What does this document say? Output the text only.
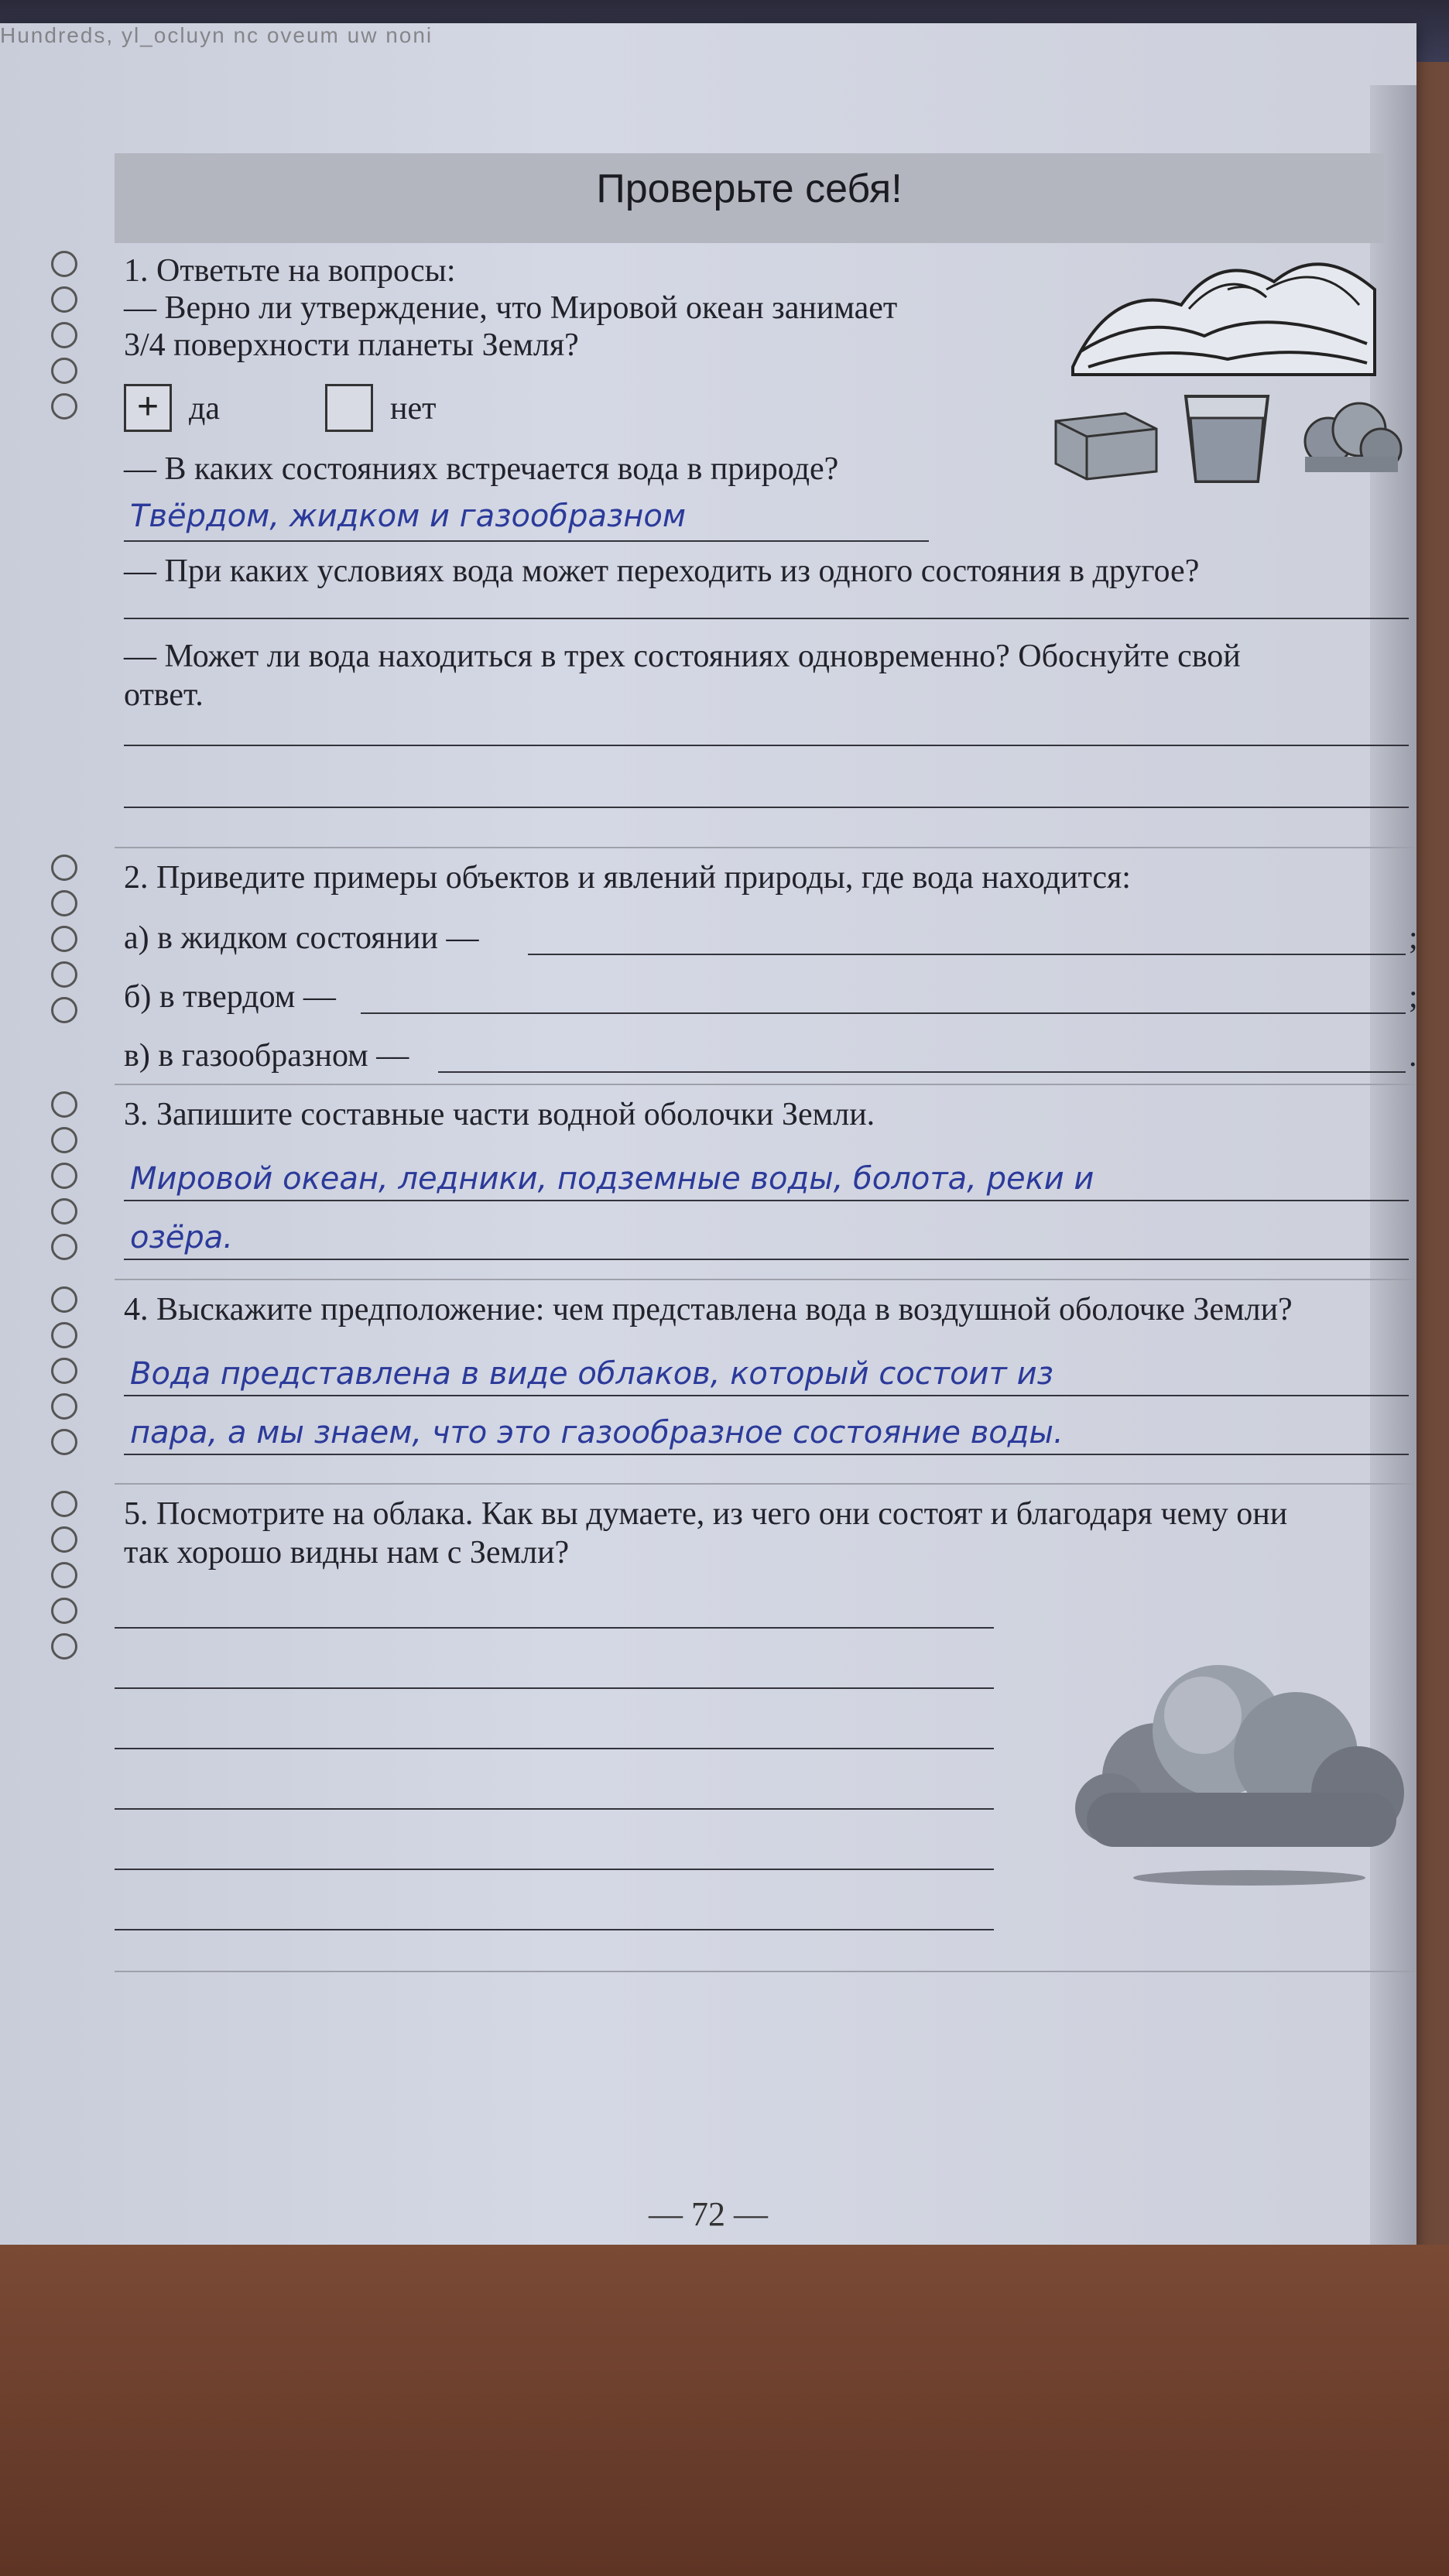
Hundreds, yl_ocluyn nc oveum uw noni
Проверьте себя!
1. Ответьте на вопросы:
— Верно ли утверждение, что Мировой океан занимает
3/4 поверхности планеты Земля?
+ да	нет
— В каких состояниях встречается вода в природе?
Твёрдом, жидком и газообразном
— При каких условиях вода может переходить из одного состояния в другое?
— Может ли вода находиться в трех состояниях одновременно? Обоснуйте свой
ответ.
2. Приведите примеры объектов и явлений природы, где вода находится:
а) в жидком состоянии —	;
б) в твердом —	;
в) в газообразном —	.
3. Запишите составные части водной оболочки Земли.
Мировой океан, ледники, подземные воды, болота, реки и
озёра.
4. Выскажите предположение: чем представлена вода в воздушной оболочке Земли?
Вода представлена в виде облаков, который состоит из
пара, а мы знаем, что это газообразное состояние воды.
5. Посмотрите на облака. Как вы думаете, из чего они состоят и благодаря чему они
так хорошо видны нам с Земли?
— 72 —
